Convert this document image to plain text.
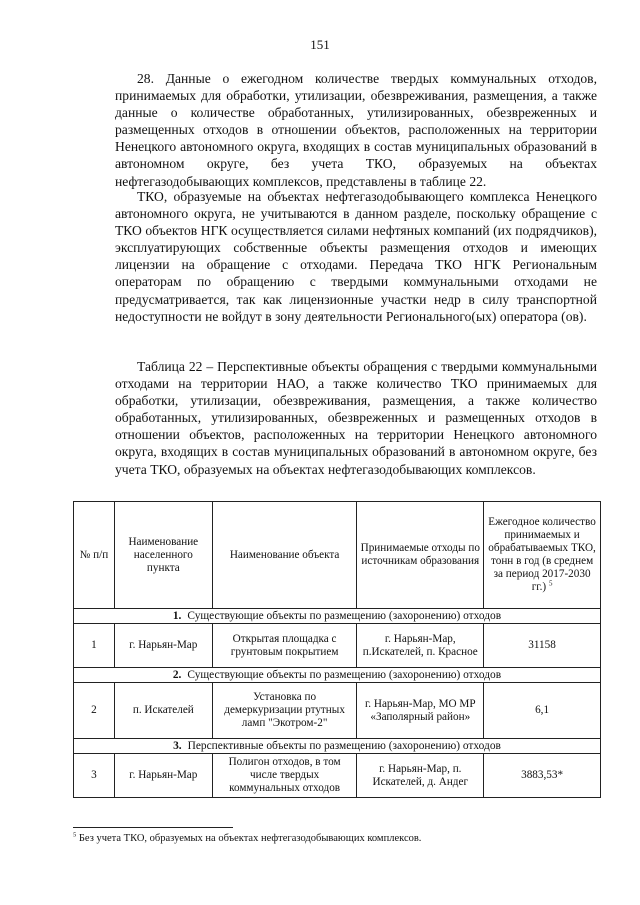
151

28. Данные о ежегодном количестве твердых коммунальных отходов, принимаемых для обработки, утилизации, обезвреживания, размещения, а также данные о количестве обработанных, утилизированных, обезвреженных и размещенных отходов в отношении объектов, расположенных на территории Ненецкого автономного округа, входящих в состав муниципальных образований в автономном округе, без учета ТКО, образуемых на объектах нефтегазодобывающих комплексов, представлены в таблице 22.

ТКО, образуемые на объектах нефтегазодобывающего комплекса Ненецкого автономного округа, не учитываются в данном разделе, поскольку обращение с ТКО объектов НГК осуществляется силами нефтяных компаний (их подрядчиков), эксплуатирующих собственные объекты размещения отходов и имеющих лицензии на обращение с отходами. Передача ТКО НГК Региональным операторам по обращению с твердыми коммунальными отходами не предусматривается, так как лицензионные участки недр в силу транспортной недоступности не войдут в зону деятельности Регионального(ых) оператора (ов).

Таблица 22 – Перспективные объекты обращения с твердыми коммунальными отходами на территории НАО, а также количество ТКО принимаемых для обработки, утилизации, обезвреживания, размещения, а также количество обработанных, утилизированных, обезвреженных и размещенных отходов в отношении объектов, расположенных на территории Ненецкого автономного округа, входящих в состав муниципальных образований в автономном округе, без учета ТКО, образуемых на объектах нефтегазодобывающих комплексов.

№ п/п	Наименование населенного пункта	Наименование объекта	Принимаемые отходы по источникам образования	Ежегодное количество принимаемых и обрабатываемых ТКО, тонн в год (в среднем за период 2017-2030 гг.) $^5$
1. Существующие объекты по размещению (захоронению) отходов				
1	г. Нарьян-Мар	Открытая площадка с грунтовым покрытием	г. Нарьян-Мар, п.Искателей, п. Красное	31158
2. Существующие объекты по размещению (захоронению) отходов				
2	п. Искателей	Установка по демеркуризации ртутных ламп "Экотром-2"	г. Нарьян-Мар, МО МР «Заполярный район»	6,1
3. Перспективные объекты по размещению (захоронению) отходов				
3	г. Нарьян-Мар	Полигон отходов, в том числе твердых коммунальных отходов	г. Нарьян-Мар, п. Искателей, д. Андег	3883,53*
$^5$ Без учета ТКО, образуемых на объектах нефтегазодобывающих комплексов.
